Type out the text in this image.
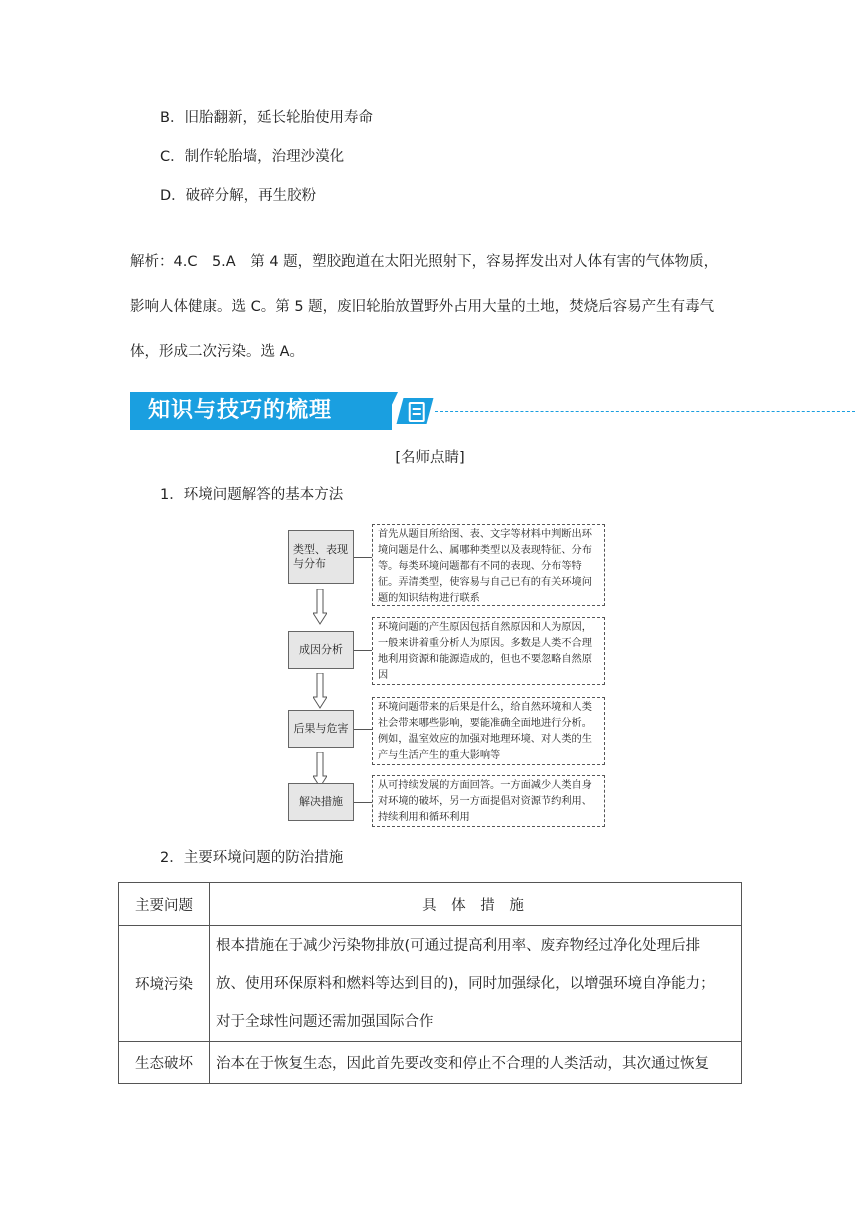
B．旧胎翻新，延长轮胎使用寿命
C．制作轮胎墙，治理沙漠化
D．破碎分解，再生胶粉
解析：4.C　5.A　第 4 题，塑胶跑道在太阳光照射下，容易挥发出对人体有害的气体物质，
影响人体健康。选 C。第 5 题，废旧轮胎放置野外占用大量的土地，焚烧后容易产生有毒气
体，形成二次污染。选 A。
知识与技巧的梳理
[名师点睛]
1．环境问题解答的基本方法
类型、表现与分布
首先从题目所给图、表、文字等材料中判断出环境问题是什么、属哪种类型以及表现特征、分布等。每类环境问题都有不同的表现、分布等特征。弄清类型，使容易与自己已有的有关环境问题的知识结构进行联系
成因分析
环境问题的产生原因包括自然原因和人为原因，一般来讲着重分析人为原因。多数是人类不合理地利用资源和能源造成的，但也不要忽略自然原因
后果与危害
环境问题带来的后果是什么，给自然环境和人类社会带来哪些影响，要能准确全面地进行分析。例如，温室效应的加强对地理环境、对人类的生产与生活产生的重大影响等
解决措施
从可持续发展的方面回答。一方面减少人类自身对环境的破坏，另一方面提倡对资源节约利用、持续利用和循环利用
2．主要环境问题的防治措施
主要问题	具 体 措 施
环境污染	根本措施在于减少污染物排放(可通过提高利用率、废弃物经过净化处理后排
放、使用环保原料和燃料等达到目的)，同时加强绿化，以增强环境自净能力；
对于全球性问题还需加强国际合作

生态破坏	治本在于恢复生态，因此首先要改变和停止不合理的人类活动，其次通过恢复
